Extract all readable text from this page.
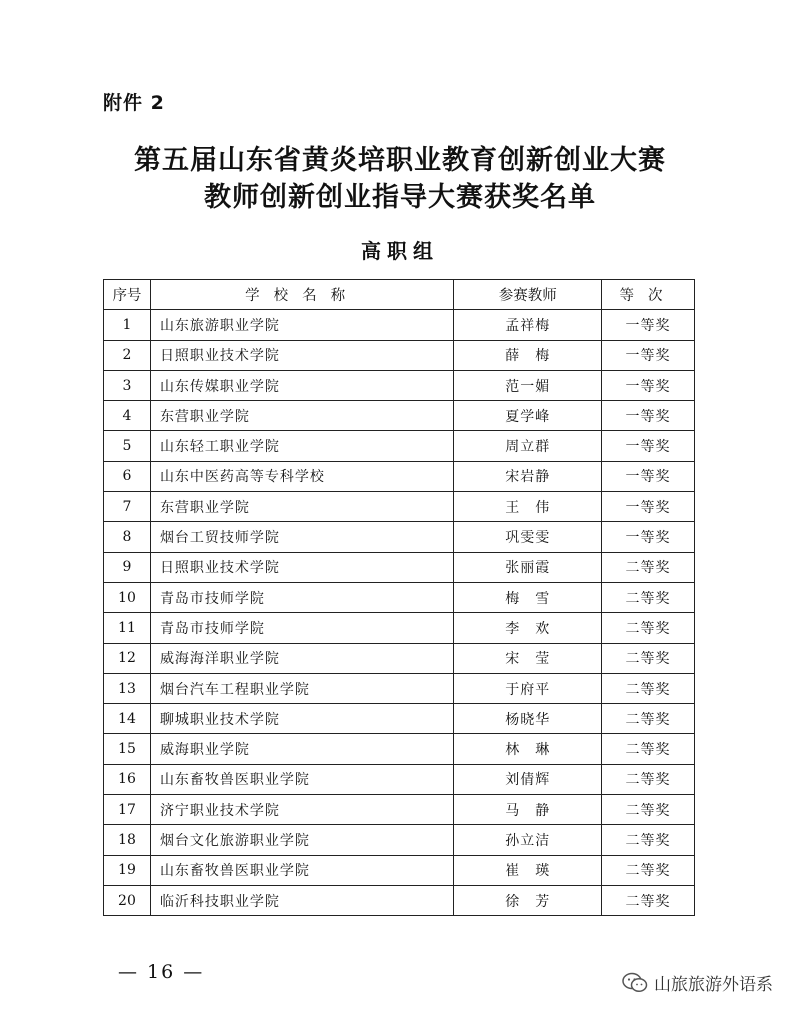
附件 2
第五届山东省黄炎培职业教育创新创业大赛
教师创新创业指导大赛获奖名单
高职组
序号	学校名称	参赛教师	等次
1	山东旅游职业学院	孟祥梅	一等奖
2	日照职业技术学院	薛　梅	一等奖
3	山东传媒职业学院	范一媚	一等奖
4	东营职业学院	夏学峰	一等奖
5	山东轻工职业学院	周立群	一等奖
6	山东中医药高等专科学校	宋岩静	一等奖
7	东营职业学院	王　伟	一等奖
8	烟台工贸技师学院	巩雯雯	一等奖
9	日照职业技术学院	张丽霞	二等奖
10	青岛市技师学院	梅　雪	二等奖
11	青岛市技师学院	李　欢	二等奖
12	威海海洋职业学院	宋　莹	二等奖
13	烟台汽车工程职业学院	于府平	二等奖
14	聊城职业技术学院	杨晓华	二等奖
15	威海职业学院	林　琳	二等奖
16	山东畜牧兽医职业学院	刘倩辉	二等奖
17	济宁职业技术学院	马　静	二等奖
18	烟台文化旅游职业学院	孙立洁	二等奖
19	山东畜牧兽医职业学院	崔　瑛	二等奖
20	临沂科技职业学院	徐　芳	二等奖
— 16 —
山旅旅游外语系
